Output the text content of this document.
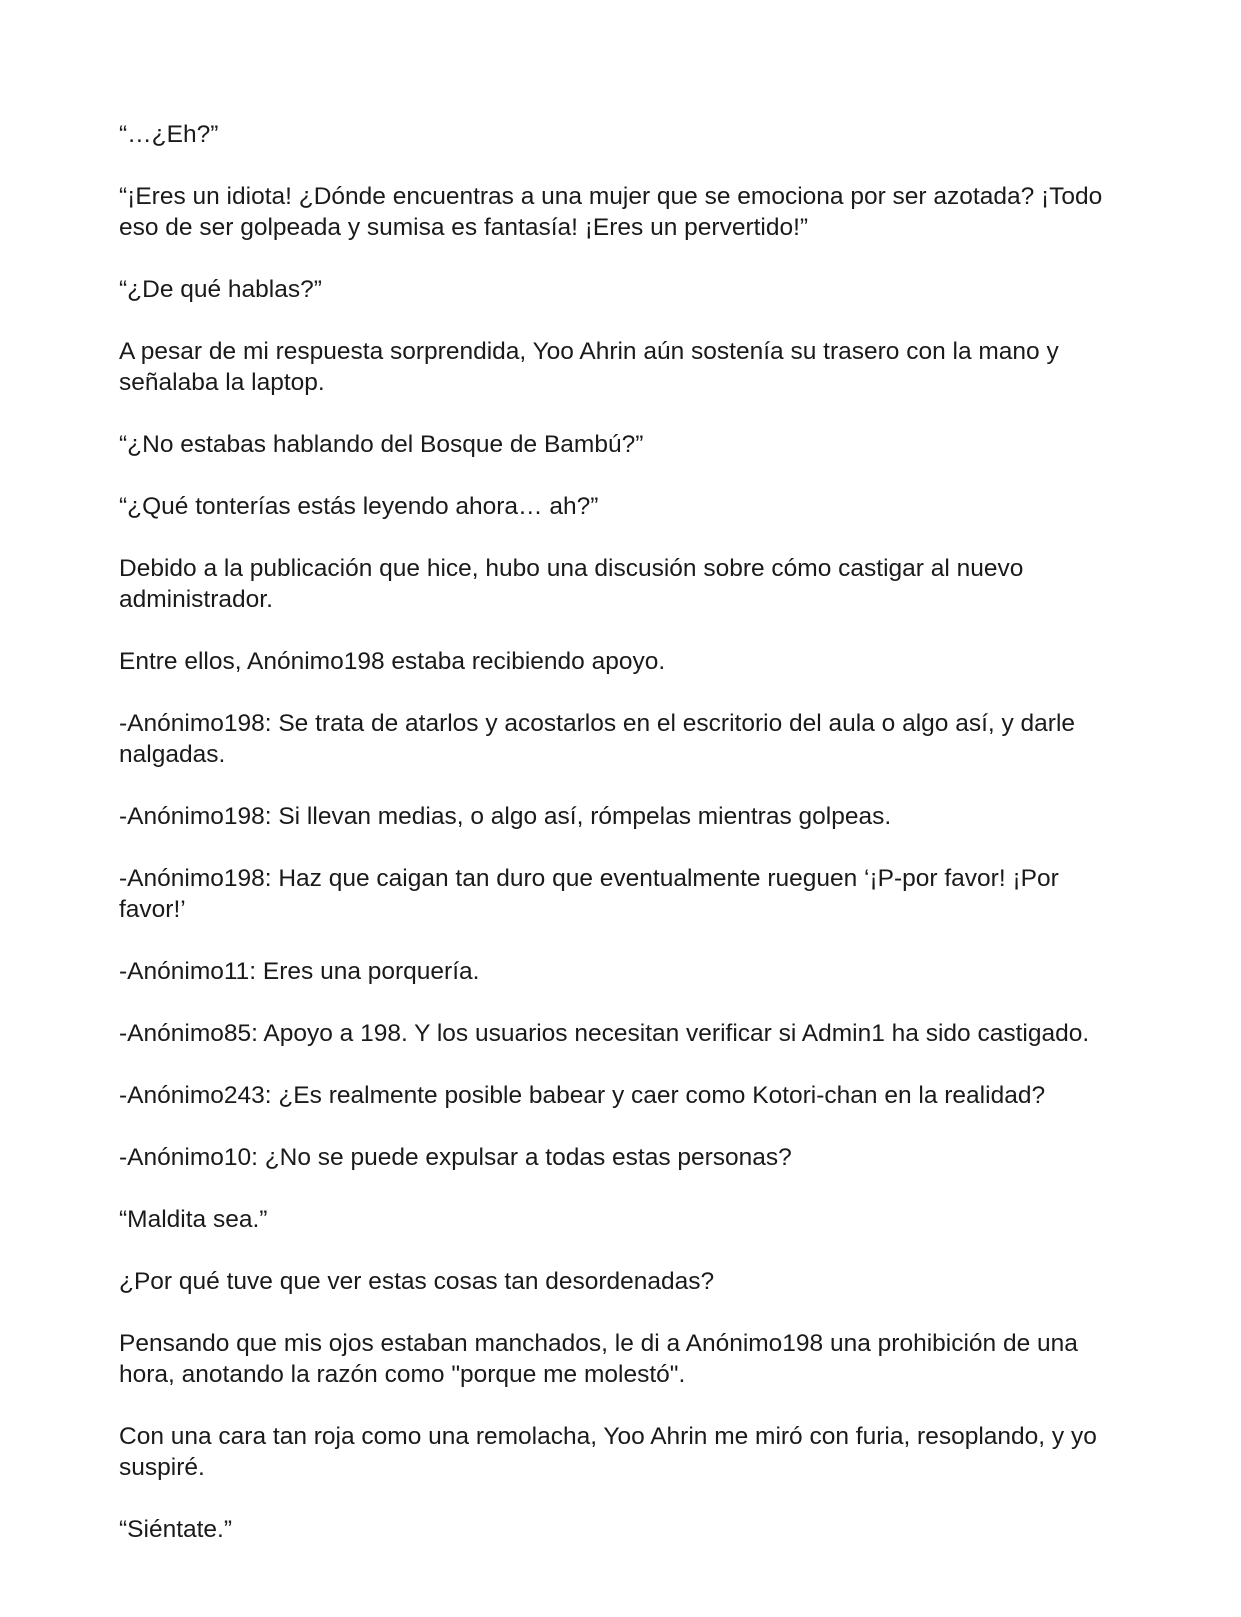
“…¿Eh?”

“¡Eres un idiota! ¿Dónde encuentras a una mujer que se emociona por ser azotada? ¡Todo eso de ser golpeada y sumisa es fantasía! ¡Eres un pervertido!”

“¿De qué hablas?”

A pesar de mi respuesta sorprendida, Yoo Ahrin aún sostenía su trasero con la mano y señalaba la laptop.

“¿No estabas hablando del Bosque de Bambú?”

“¿Qué tonterías estás leyendo ahora… ah?”

Debido a la publicación que hice, hubo una discusión sobre cómo castigar al nuevo administrador.

Entre ellos, Anónimo198 estaba recibiendo apoyo.

-Anónimo198: Se trata de atarlos y acostarlos en el escritorio del aula o algo así, y darle nalgadas.

-Anónimo198: Si llevan medias, o algo así, rómpelas mientras golpeas.

-Anónimo198: Haz que caigan tan duro que eventualmente rueguen ‘¡P-por favor! ¡Por favor!’

-Anónimo11: Eres una porquería.

-Anónimo85: Apoyo a 198. Y los usuarios necesitan verificar si Admin1 ha sido castigado.

-Anónimo243: ¿Es realmente posible babear y caer como Kotori-chan en la realidad?

-Anónimo10: ¿No se puede expulsar a todas estas personas?

“Maldita sea.”

¿Por qué tuve que ver estas cosas tan desordenadas?

Pensando que mis ojos estaban manchados, le di a Anónimo198 una prohibición de una hora, anotando la razón como "porque me molestó".

Con una cara tan roja como una remolacha, Yoo Ahrin me miró con furia, resoplando, y yo suspiré.

“Siéntate.”
